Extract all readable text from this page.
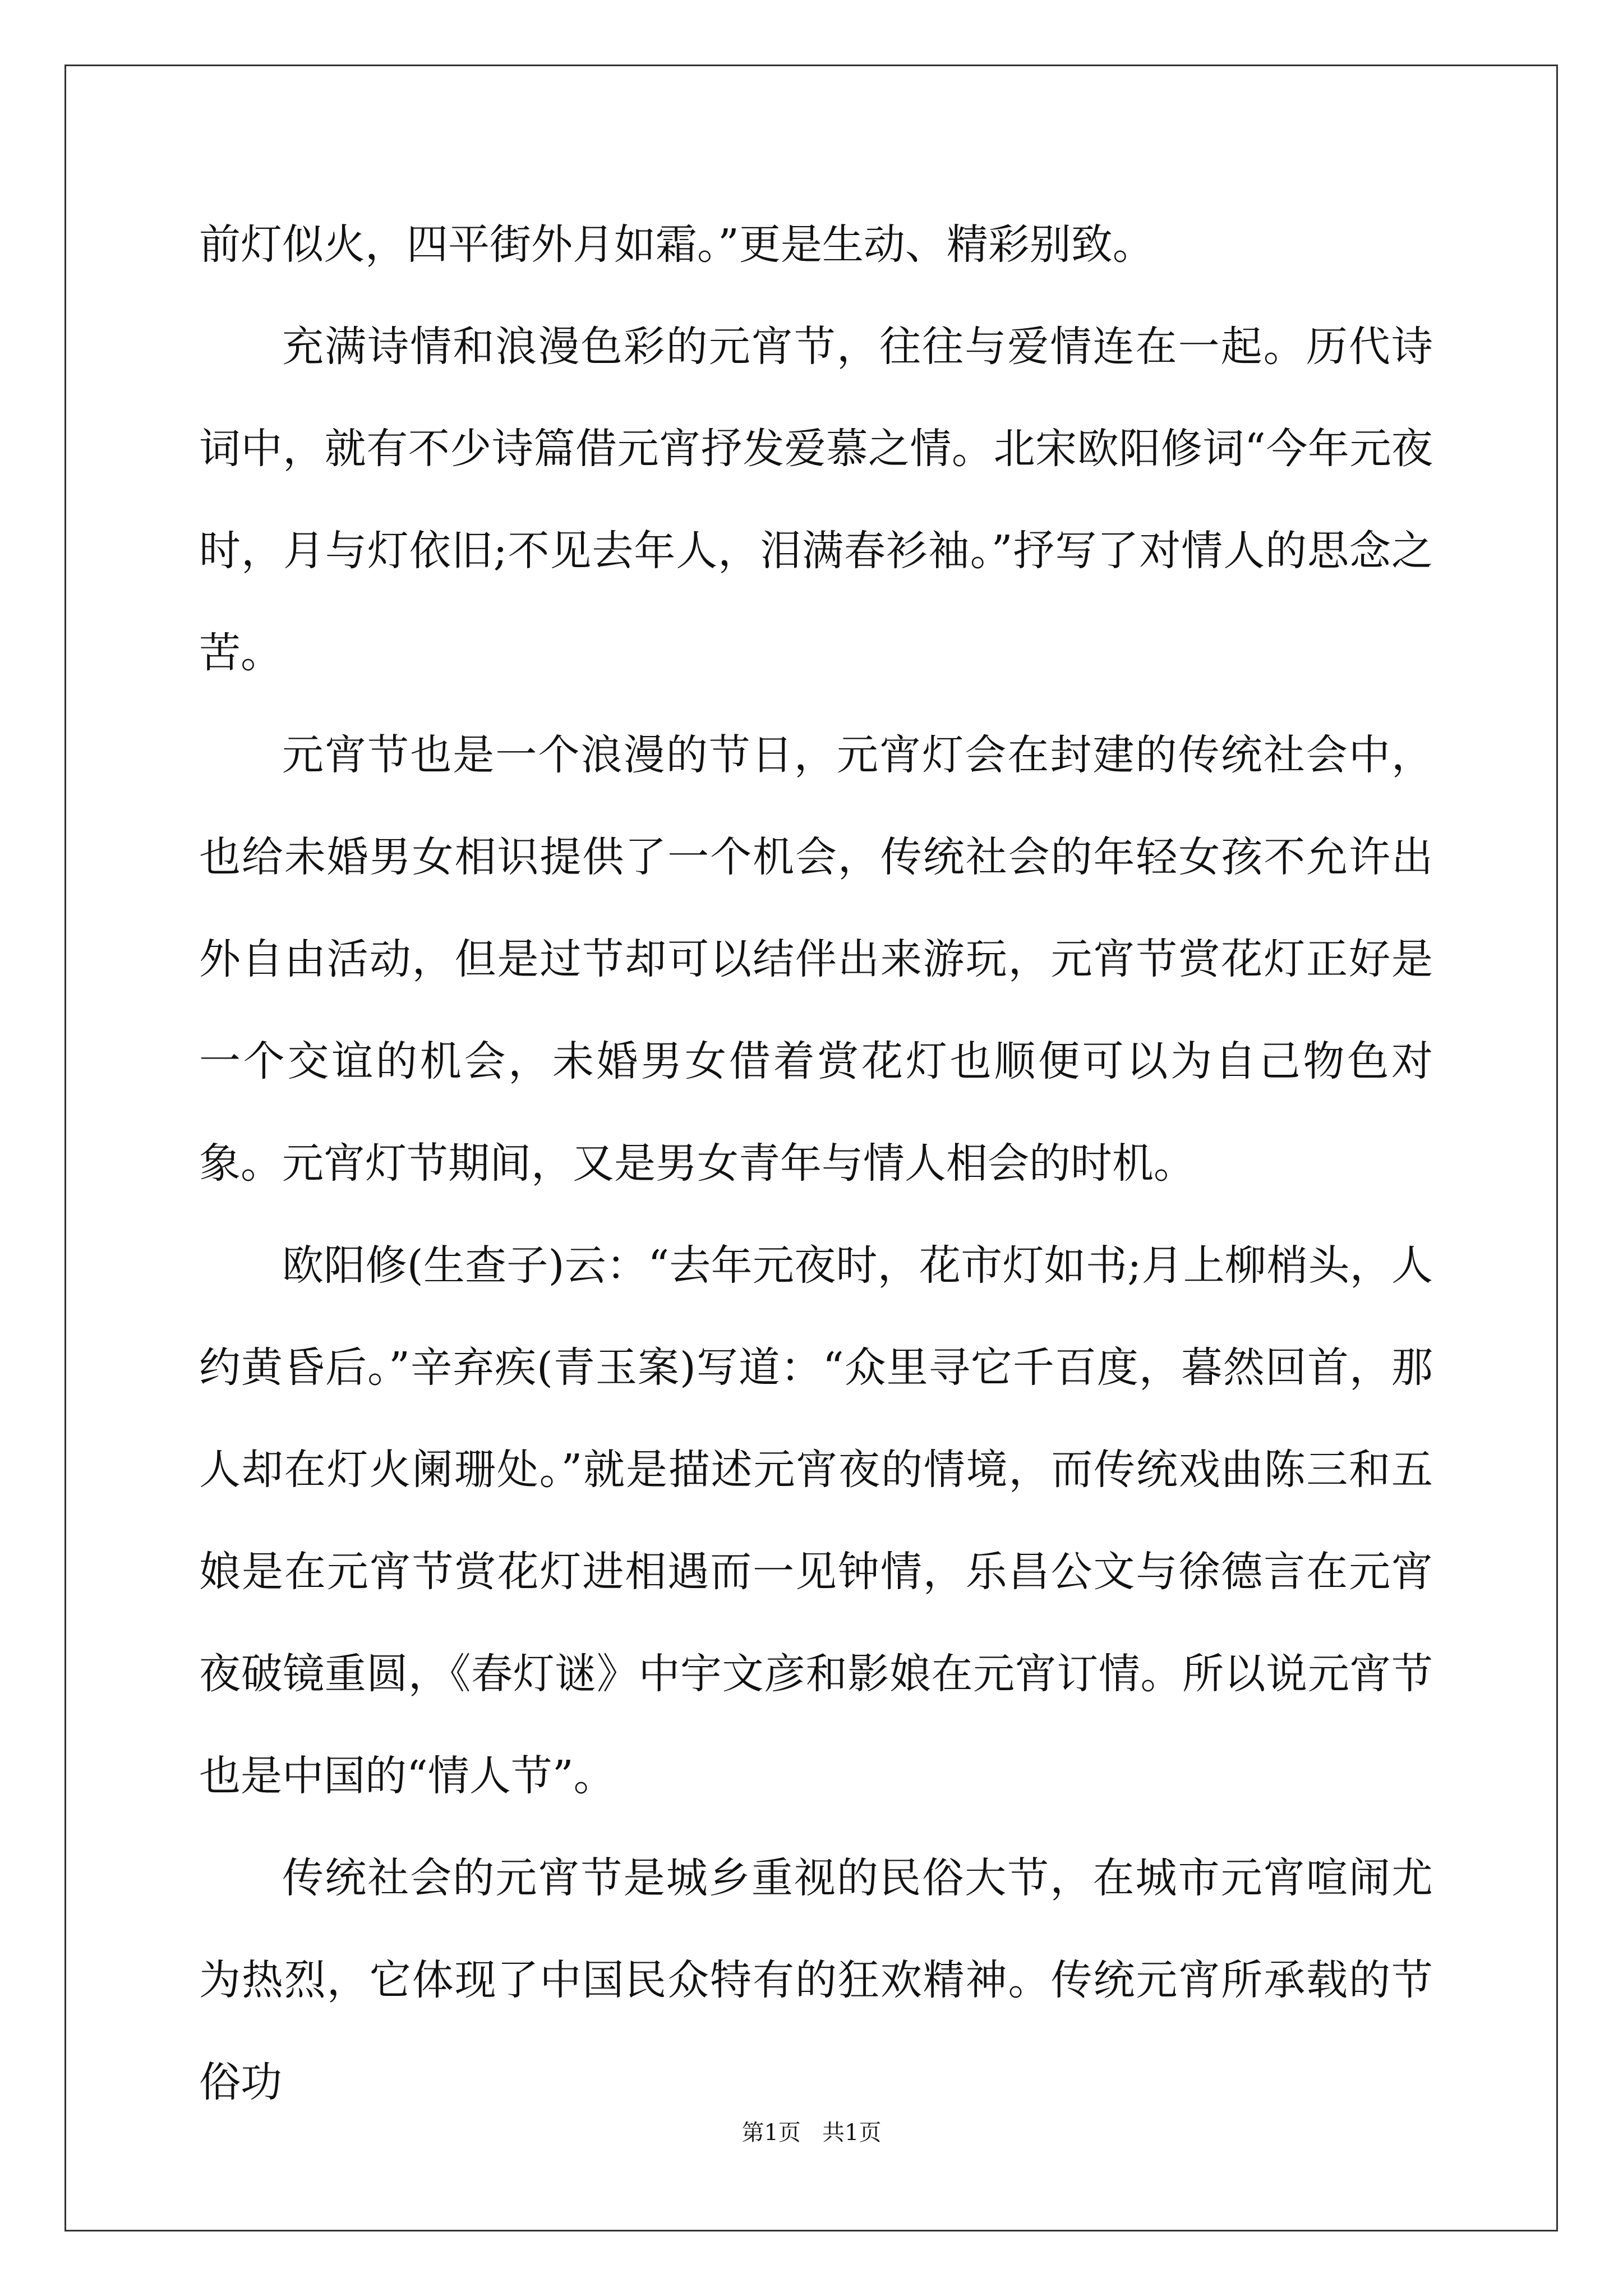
前灯似火，四平街外月如霜。”更是生动、精彩别致。

充满诗情和浪漫色彩的元宵节，往往与爱情连在一起。历代诗词中，就有不少诗篇借元宵抒发爱慕之情。北宋欧阳修词“今年元夜时，月与灯依旧;不见去年人，泪满春衫袖。”抒写了对情人的思念之苦。

元宵节也是一个浪漫的节日，元宵灯会在封建的传统社会中，也给未婚男女相识提供了一个机会，传统社会的年轻女孩不允许出外自由活动，但是过节却可以结伴出来游玩，元宵节赏花灯正好是一个交谊的机会，未婚男女借着赏花灯也顺便可以为自己物色对象。元宵灯节期间，又是男女青年与情人相会的时机。

欧阳修(生查子)云：“去年元夜时，花市灯如书;月上柳梢头，人约黄昏后。”辛弃疾(青玉案)写道：“众里寻它千百度，暮然回首，那人却在灯火阑珊处。”就是描述元宵夜的情境，而传统戏曲陈三和五娘是在元宵节赏花灯进相遇而一见钟情，乐昌公文与徐德言在元宵夜破镜重圆，《春灯谜》中宇文彦和影娘在元宵订情。所以说元宵节也是中国的“情人节”。

传统社会的元宵节是城乡重视的民俗大节，在城市元宵喧闹尤为热烈，它体现了中国民众特有的狂欢精神。传统元宵所承载的节俗功

第1页   共1页
